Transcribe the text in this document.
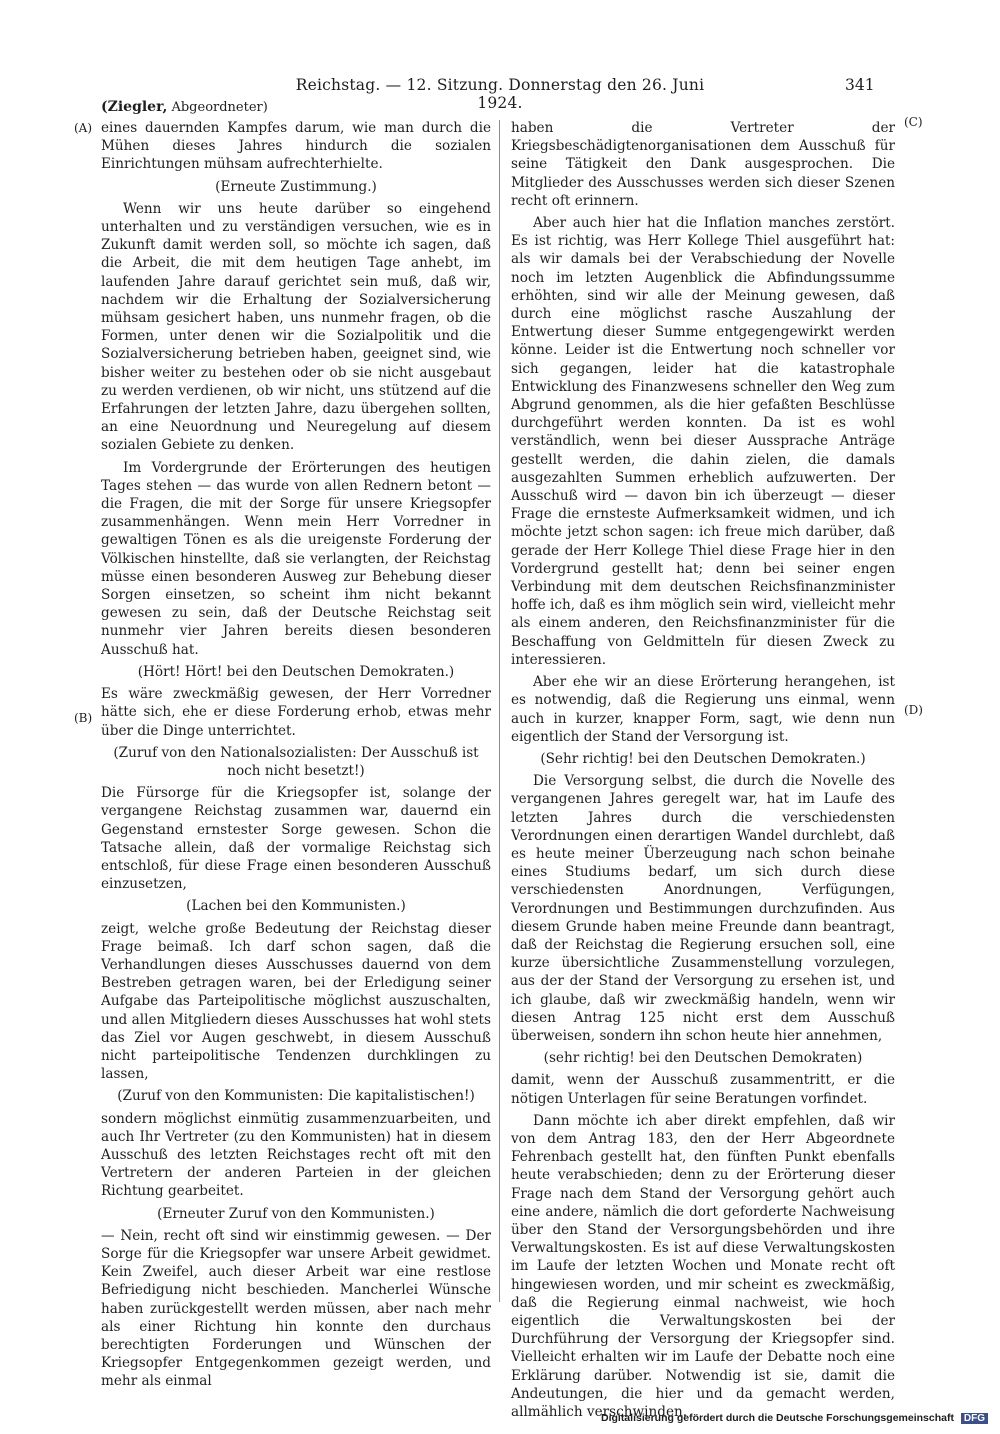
Reichstag. — 12. Sitzung. Donnerstag den 26. Juni 1924.
341
(Ziegler, Abgeordneter)
(A)
(B)
(C)
(D)

eines dauernden Kampfes darum, wie man durch die Mühen dieses Jahres hindurch die sozialen Einrichtungen mühsam aufrechterhielte.

(Erneute Zustimmung.)

Wenn wir uns heute darüber so eingehend unterhalten und zu verständigen versuchen, wie es in Zukunft damit werden soll, so möchte ich sagen, daß die Arbeit, die mit dem heutigen Tage anhebt, im laufenden Jahre darauf gerichtet sein muß, daß wir, nachdem wir die Erhaltung der Sozialversicherung mühsam gesichert haben, uns nunmehr fragen, ob die Formen, unter denen wir die Sozialpolitik und die Sozialversicherung betrieben haben, geeignet sind, wie bisher weiter zu bestehen oder ob sie nicht ausgebaut zu werden verdienen, ob wir nicht, uns stützend auf die Erfahrungen der letzten Jahre, dazu übergehen sollten, an eine Neuordnung und Neuregelung auf diesem sozialen Gebiete zu denken.

Im Vordergrunde der Erörterungen des heutigen Tages stehen — das wurde von allen Rednern betont — die Fragen, die mit der Sorge für unsere Kriegsopfer zusammenhängen. Wenn mein Herr Vorredner in gewaltigen Tönen es als die ureigenste Forderung der Völkischen hinstellte, daß sie verlangten, der Reichstag müsse einen besonderen Ausweg zur Behebung dieser Sorgen einsetzen, so scheint ihm nicht bekannt gewesen zu sein, daß der Deutsche Reichstag seit nunmehr vier Jahren bereits diesen besonderen Ausschuß hat.

(Hört! Hört! bei den Deutschen Demokraten.)

Es wäre zweckmäßig gewesen, der Herr Vorredner hätte sich, ehe er diese Forderung erhob, etwas mehr über die Dinge unterrichtet.

(Zuruf von den Nationalsozialisten: Der Ausschuß ist noch nicht besetzt!)

Die Fürsorge für die Kriegsopfer ist, solange der vergangene Reichstag zusammen war, dauernd ein Gegenstand ernstester Sorge gewesen. Schon die Tatsache allein, daß der vormalige Reichstag sich entschloß, für diese Frage einen besonderen Ausschuß einzusetzen,

(Lachen bei den Kommunisten.)

zeigt, welche große Bedeutung der Reichstag dieser Frage beimaß. Ich darf schon sagen, daß die Verhandlungen dieses Ausschusses dauernd von dem Bestreben getragen waren, bei der Erledigung seiner Aufgabe das Parteipolitische möglichst auszuschalten, und allen Mitgliedern dieses Ausschusses hat wohl stets das Ziel vor Augen geschwebt, in diesem Ausschuß nicht parteipolitische Tendenzen durchklingen zu lassen,

(Zuruf von den Kommunisten: Die kapitalistischen!)

sondern möglichst einmütig zusammenzuarbeiten, und auch Ihr Vertreter (zu den Kommunisten) hat in diesem Ausschuß des letzten Reichstages recht oft mit den Vertretern der anderen Parteien in der gleichen Richtung gearbeitet.

(Erneuter Zuruf von den Kommunisten.)

— Nein, recht oft sind wir einstimmig gewesen. — Der Sorge für die Kriegsopfer war unsere Arbeit gewidmet. Kein Zweifel, auch dieser Arbeit war eine restlose Befriedigung nicht beschieden. Mancherlei Wünsche haben zurückgestellt werden müssen, aber nach mehr als einer Richtung hin konnte den durchaus berechtigten Forderungen und Wünschen der Kriegsopfer Entgegenkommen gezeigt werden, und mehr als einmal

haben die Vertreter der Kriegsbeschädigtenorganisationen dem Ausschuß für seine Tätigkeit den Dank ausgesprochen. Die Mitglieder des Ausschusses werden sich dieser Szenen recht oft erinnern.

Aber auch hier hat die Inflation manches zerstört. Es ist richtig, was Herr Kollege Thiel ausgeführt hat: als wir damals bei der Verabschiedung der Novelle noch im letzten Augenblick die Abfindungssumme erhöhten, sind wir alle der Meinung gewesen, daß durch eine möglichst rasche Auszahlung der Entwertung dieser Summe entgegengewirkt werden könne. Leider ist die Entwertung noch schneller vor sich gegangen, leider hat die katastrophale Entwicklung des Finanzwesens schneller den Weg zum Abgrund genommen, als die hier gefaßten Beschlüsse durchgeführt werden konnten. Da ist es wohl verständlich, wenn bei dieser Aussprache Anträge gestellt werden, die dahin zielen, die damals ausgezahlten Summen erheblich aufzuwerten. Der Ausschuß wird — davon bin ich überzeugt — dieser Frage die ernsteste Aufmerksamkeit widmen, und ich möchte jetzt schon sagen: ich freue mich darüber, daß gerade der Herr Kollege Thiel diese Frage hier in den Vordergrund gestellt hat; denn bei seiner engen Verbindung mit dem deutschen Reichsfinanzminister hoffe ich, daß es ihm möglich sein wird, vielleicht mehr als einem anderen, den Reichsfinanzminister für die Beschaffung von Geldmitteln für diesen Zweck zu interessieren.

Aber ehe wir an diese Erörterung herangehen, ist es notwendig, daß die Regierung uns einmal, wenn auch in kurzer, knapper Form, sagt, wie denn nun eigentlich der Stand der Versorgung ist.

(Sehr richtig! bei den Deutschen Demokraten.)

Die Versorgung selbst, die durch die Novelle des vergangenen Jahres geregelt war, hat im Laufe des letzten Jahres durch die verschiedensten Verordnungen einen derartigen Wandel durchlebt, daß es heute meiner Überzeugung nach schon beinahe eines Studiums bedarf, um sich durch diese verschiedensten Anordnungen, Verfügungen, Verordnungen und Bestimmungen durchzufinden. Aus diesem Grunde haben meine Freunde dann beantragt, daß der Reichstag die Regierung ersuchen soll, eine kurze übersichtliche Zusammenstellung vorzulegen, aus der der Stand der Versorgung zu ersehen ist, und ich glaube, daß wir zweckmäßig handeln, wenn wir diesen Antrag 125 nicht erst dem Ausschuß überweisen, sondern ihn schon heute hier annehmen,

(sehr richtig! bei den Deutschen Demokraten)

damit, wenn der Ausschuß zusammentritt, er die nötigen Unterlagen für seine Beratungen vorfindet.

Dann möchte ich aber direkt empfehlen, daß wir von dem Antrag 183, den der Herr Abgeordnete Fehrenbach gestellt hat, den fünften Punkt ebenfalls heute verabschieden; denn zu der Erörterung dieser Frage nach dem Stand der Versorgung gehört auch eine andere, nämlich die dort geforderte Nachweisung über den Stand der Versorgungsbehörden und ihre Verwaltungskosten. Es ist auf diese Verwaltungskosten im Laufe der letzten Wochen und Monate recht oft hingewiesen worden, und mir scheint es zweckmäßig, daß die Regierung einmal nachweist, wie hoch eigentlich die Verwaltungskosten bei der Durchführung der Versorgung der Kriegsopfer sind. Vielleicht erhalten wir im Laufe der Debatte noch eine Erklärung darüber. Notwendig ist sie, damit die Andeutungen, die hier und da gemacht werden, allmählich verschwinden.

Digitalisierung gefördert durch die Deutsche Forschungsgemeinschaft DFG
